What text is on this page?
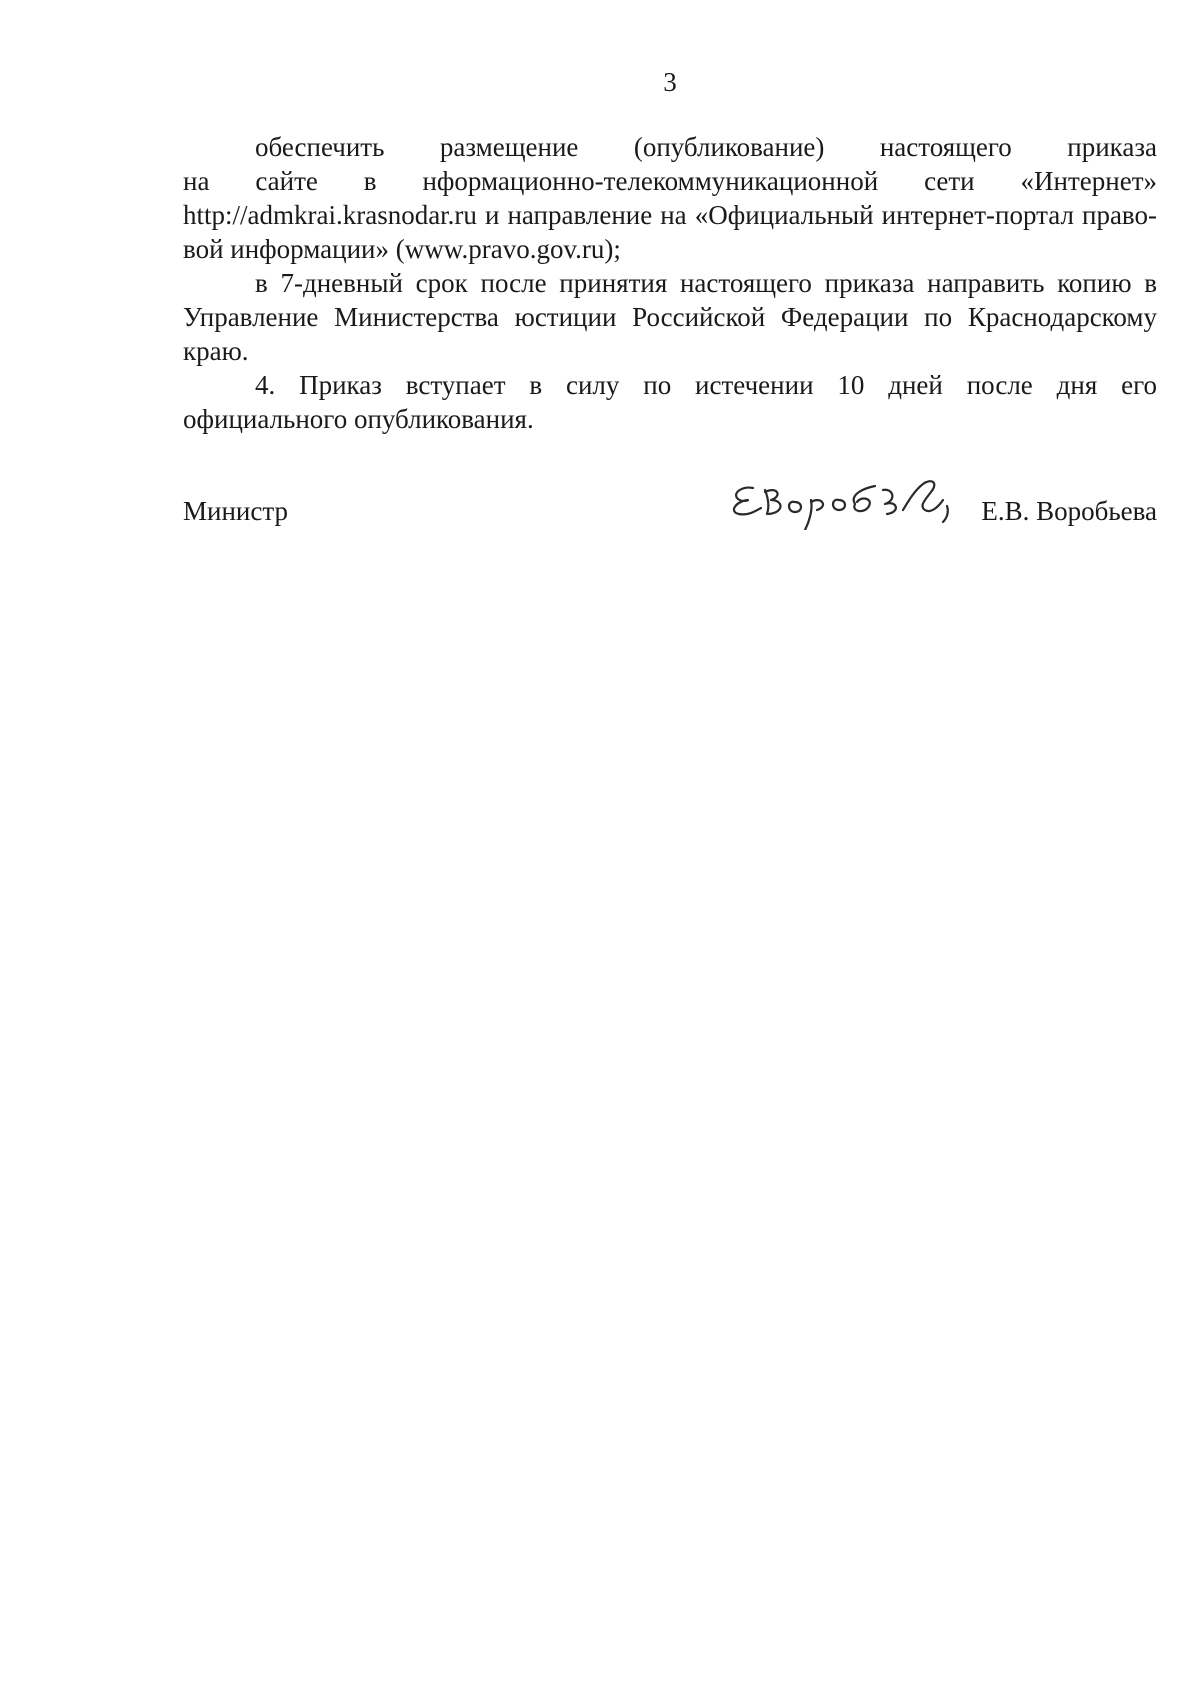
3
обеспечить размещение (опубликование) настоящего приказа
на сайте в нформационно-телекоммуникационной сети «Интернет»
http://admkrai.krasnodar.ru и направление на «Официальный интернет-портал право-
вой информации» (www.pravo.gov.ru);
в 7-дневный срок после принятия настоящего приказа направить копию в
Управление Министерства юстиции Российской Федерации по Краснодарскому
краю.
4. Приказ вступает в силу по истечении 10 дней после дня его
официального опубликования.
Министр	Е.В. Воробьева
